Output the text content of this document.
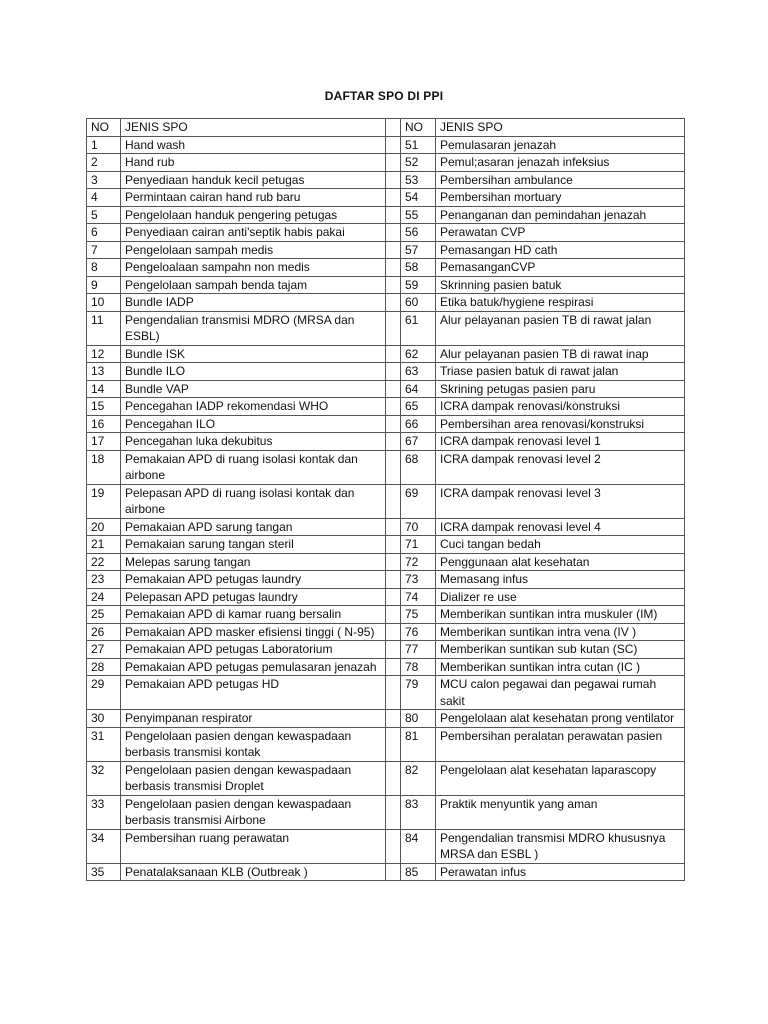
DAFTAR SPO DI PPI
NO	JENIS SPO		NO	JENIS SPO
1	Hand wash		51	Pemulasaran jenazah
2	Hand rub		52	Pemul;asaran jenazah infeksius
3	Penyediaan handuk kecil petugas		53	Pembersihan ambulance
4	Permintaan cairan hand rub baru		54	Pembersihan mortuary
5	Pengelolaan handuk pengering petugas		55	Penanganan dan pemindahan jenazah
6	Penyediaan cairan anti'septik habis pakai		56	Perawatan CVP
7	Pengelolaan sampah medis		57	Pemasangan HD cath
8	Pengeloalaan sampahn non medis		58	PemasanganCVP
9	Pengelolaan sampah benda tajam		59	Skrinning pasien batuk
10	Bundle IADP		60	Etika batuk/hygiene respirasi
11	Pengendalian transmisi MDRO (MRSA dan ESBL)		61	Alur pelayanan pasien TB di rawat jalan
12	Bundle ISK		62	Alur pelayanan pasien TB di rawat inap
13	Bundle ILO		63	Triase pasien batuk di rawat jalan
14	Bundle VAP		64	Skrining petugas pasien paru
15	Pencegahan IADP rekomendasi WHO		65	ICRA dampak renovasi/konstruksi
16	Pencegahan ILO		66	Pembersihan area renovasi/konstruksi
17	Pencegahan luka dekubitus		67	ICRA dampak renovasi level 1
18	Pemakaian APD di ruang isolasi kontak dan airbone		68	ICRA dampak renovasi level 2
19	Pelepasan APD di ruang isolasi kontak dan airbone		69	ICRA dampak renovasi level 3
20	Pemakaian APD sarung tangan		70	ICRA dampak renovasi level 4
21	Pemakaian sarung tangan steril		71	Cuci tangan bedah
22	Melepas sarung tangan		72	Penggunaan alat kesehatan
23	Pemakaian APD petugas laundry		73	Memasang infus
24	Pelepasan APD petugas laundry		74	Dializer re use
25	Pemakaian APD di kamar ruang bersalin		75	Memberikan suntikan intra muskuler (IM)
26	Pemakaian APD masker efisiensi tinggi ( N-95)		76	Memberikan suntikan intra vena (IV )
27	Pemakaian APD petugas Laboratorium		77	Memberikan suntikan sub kutan (SC)
28	Pemakaian APD petugas pemulasaran jenazah		78	Memberikan suntikan intra cutan (IC )
29	Pemakaian APD petugas HD		79	MCU calon pegawai dan pegawai rumah sakit
30	Penyimpanan respirator		80	Pengelolaan alat kesehatan prong ventilator
31	Pengelolaan pasien dengan kewaspadaan berbasis transmisi kontak		81	Pembersihan peralatan perawatan pasien
32	Pengelolaan pasien dengan kewaspadaan berbasis transmisi Droplet		82	Pengelolaan alat kesehatan laparascopy
33	Pengelolaan pasien dengan kewaspadaan berbasis transmisi Airbone		83	Praktik menyuntik yang aman
34	Pembersihan ruang perawatan		84	Pengendalian transmisi MDRO khususnya MRSA dan ESBL )
35	Penatalaksanaan KLB (Outbreak )		85	Perawatan infus
